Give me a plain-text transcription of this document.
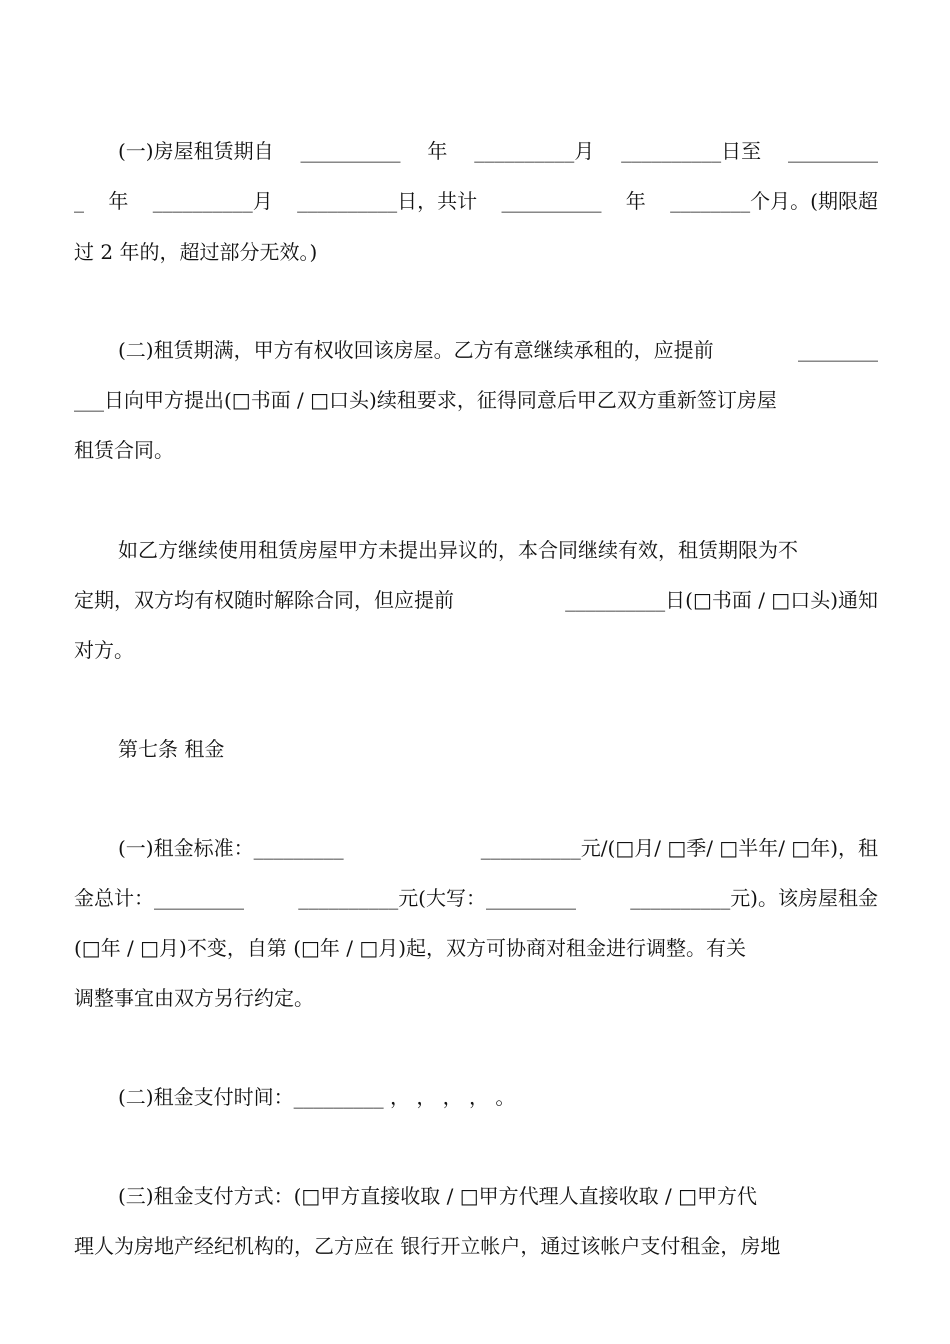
(一)房屋租赁期自 __________ 年 __________月 __________日至 _________
_ 年 __________月 __________日，共计 __________ 年 ________个月。(期限超
过 2 年的，超过部分无效。)
(二)租赁期满，甲方有权收回该房屋。乙方有意继续承租的，应提前	________
___日向甲方提出(□书面 / □口头)续租要求，征得同意后甲乙双方重新签订房屋
租赁合同。
如乙方继续使用租赁房屋甲方未提出异议的，本合同继续有效，租赁期限为不
定期，双方均有权随时解除合同，但应提前	__________日(□书面 / □口头)通知
对方。
第七条 租金
(一)租金标准：_________	__________元/(□月/ □季/ □半年/ □年)，租
金总计：_________	__________元(大写：_________	__________元)。该房屋租金
(□年 / □月)不变，自第 (□年 / □月)起，双方可协商对租金进行调整。有关
调整事宜由双方另行约定。
(二)租金支付时间：_________ ， ， ， ， 。
(三)租金支付方式：(□甲方直接收取 / □甲方代理人直接收取 / □甲方代
理人为房地产经纪机构的，乙方应在 银行开立帐户，通过该帐户支付租金，房地
